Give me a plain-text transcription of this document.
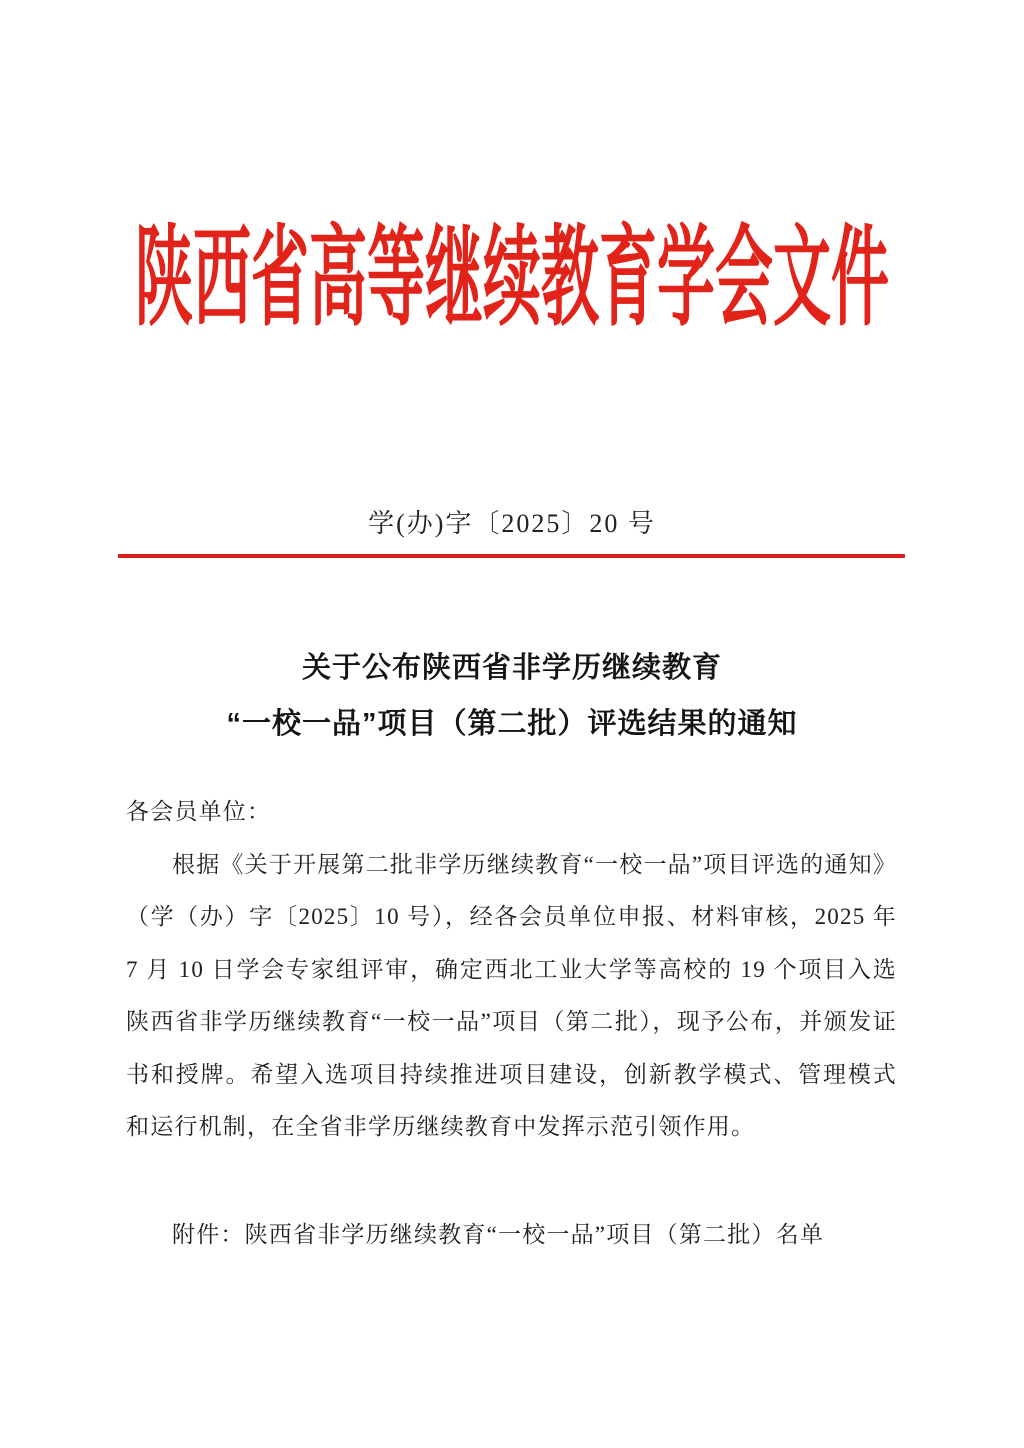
陕西省高等继续教育学会文件
学(办)字〔2025〕20 号
关于公布陕西省非学历继续教育
“一校一品”项目（第二批）评选结果的通知

各会员单位：

根据《关于开展第二批非学历继续教育“一校一品”项目评选的通知》（学（办）字〔2025〕10 号），经各会员单位申报、材料审核，2025 年 7 月 10 日学会专家组评审，确定西北工业大学等高校的 19 个项目入选陕西省非学历继续教育“一校一品”项目（第二批），现予公布，并颁发证书和授牌。希望入选项目持续推进项目建设，创新教学模式、管理模式和运行机制，在全省非学历继续教育中发挥示范引领作用。

附件：陕西省非学历继续教育“一校一品”项目（第二批）名单
